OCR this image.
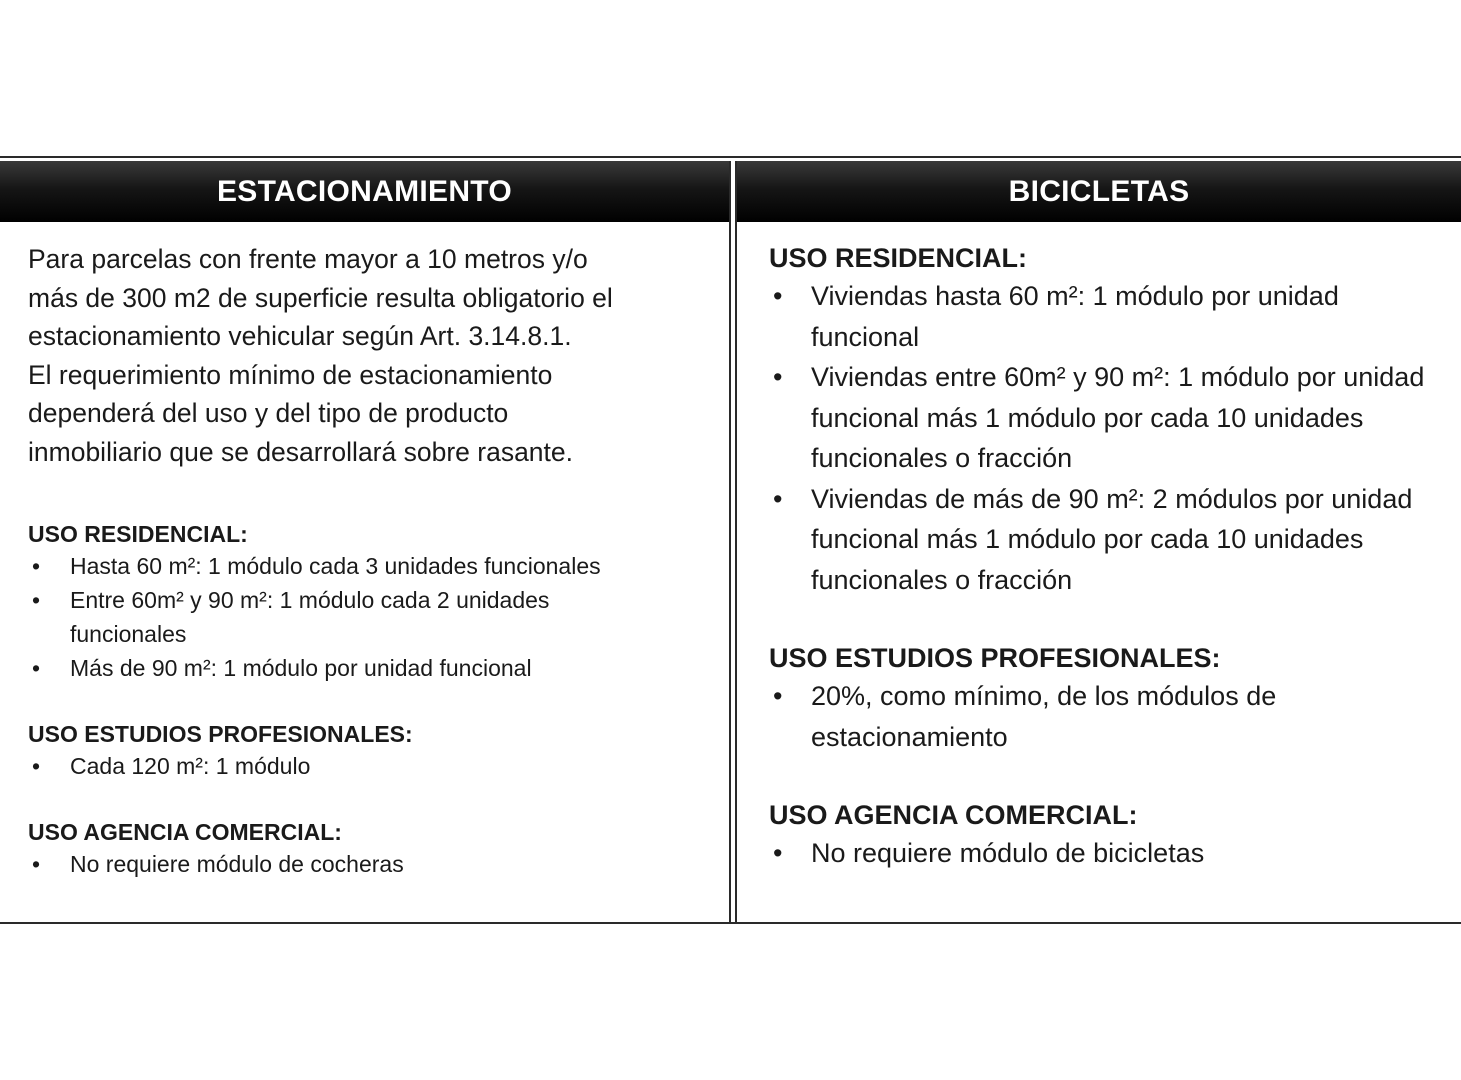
ESTACIONAMIENTO

Para parcelas con frente mayor a 10 metros y/o
más de 300 m2 de superficie resulta obligatorio el
estacionamiento vehicular según Art. 3.14.8.1.
El requerimiento mínimo de estacionamiento
dependerá del uso y del tipo de producto
inmobiliario que se desarrollará sobre rasante.

USO RESIDENCIAL:

• Hasta 60 m²: 1 módulo cada 3 unidades funcionales
• Entre 60m² y 90 m²: 1 módulo cada 2 unidades funcionales
• Más de 90 m²: 1 módulo por unidad funcional

USO ESTUDIOS PROFESIONALES:

• Cada 120 m²: 1 módulo

USO AGENCIA COMERCIAL:

• No requiere módulo de cocheras
BICICLETAS

USO RESIDENCIAL:

• Viviendas hasta 60 m²: 1 módulo por unidad funcional
• Viviendas entre 60m² y 90 m²: 1 módulo por unidad funcional más 1 módulo por cada 10 unidades funcionales o fracción
• Viviendas de más de 90 m²: 2 módulos por unidad funcional más 1 módulo por cada 10 unidades funcionales o fracción

USO ESTUDIOS PROFESIONALES:

• 20%, como mínimo, de los módulos de estacionamiento

USO AGENCIA COMERCIAL:

• No requiere módulo de bicicletas
